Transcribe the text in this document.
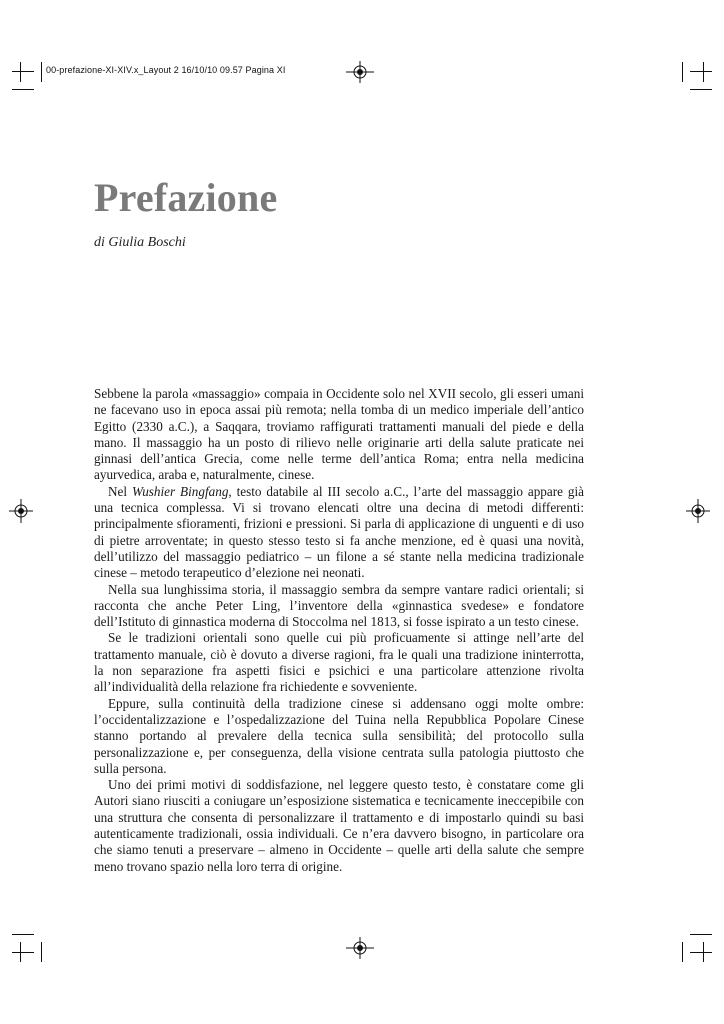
00-prefazione-XI-XIV.x_Layout 2 16/10/10 09.57 Pagina XI
Prefazione

di Giulia Boschi

Sebbene la parola «massaggio» compaia in Occidente solo nel XVII secolo, gli esseri umani ne facevano uso in epoca assai più remota; nella tomba di un medico imperiale dell’antico Egitto (2330 a.C.), a Saqqara, troviamo raffigurati trattamenti manuali del piede e della mano. Il massaggio ha un posto di rilievo nelle originarie arti della salute praticate nei ginnasi dell’antica Grecia, come nelle terme dell’antica Roma; entra nella medicina ayurvedica, araba e, naturalmente, cinese.

Nel Wushier Bingfang, testo databile al III secolo a.C., l’arte del massaggio appare già una tecnica complessa. Vi si trovano elencati oltre una decina di metodi differenti: principalmente sfioramenti, frizioni e pressioni. Si parla di applicazione di unguenti e di uso di pietre arroventate; in questo stesso testo si fa anche menzione, ed è quasi una novità, dell’utilizzo del massaggio pediatrico – un filone a sé stante nella medicina tradizionale cinese – metodo terapeutico d’elezione nei neonati.

Nella sua lunghissima storia, il massaggio sembra da sempre vantare radici orientali; si racconta che anche Peter Ling, l’inventore della «ginnastica svedese» e fondatore dell’Istituto di ginnastica moderna di Stoccolma nel 1813, si fosse ispirato a un testo cinese.

Se le tradizioni orientali sono quelle cui più proficuamente si attinge nell’arte del trattamento manuale, ciò è dovuto a diverse ragioni, fra le quali una tradizione ininterrotta, la non separazione fra aspetti fisici e psichici e una particolare attenzione rivolta all’individualità della relazione fra richiedente e sovveniente.

Eppure, sulla continuità della tradizione cinese si addensano oggi molte ombre: l’occidentalizzazione e l’ospedalizzazione del Tuina nella Repubblica Popolare Cinese stanno portando al prevalere della tecnica sulla sensibilità; del protocollo sulla personalizzazione e, per conseguenza, della visione centrata sulla patologia piuttosto che sulla persona.

Uno dei primi motivi di soddisfazione, nel leggere questo testo, è constatare come gli Autori siano riusciti a coniugare un’esposizione sistematica e tecnicamente ineccepibile con una struttura che consenta di personalizzare il trattamento e di impostarlo quindi su basi autenticamente tradizionali, ossia individuali. Ce n’era davvero bisogno, in particolare ora che siamo tenuti a preservare – almeno in Occidente – quelle arti della salute che sempre meno trovano spazio nella loro terra di origine.
